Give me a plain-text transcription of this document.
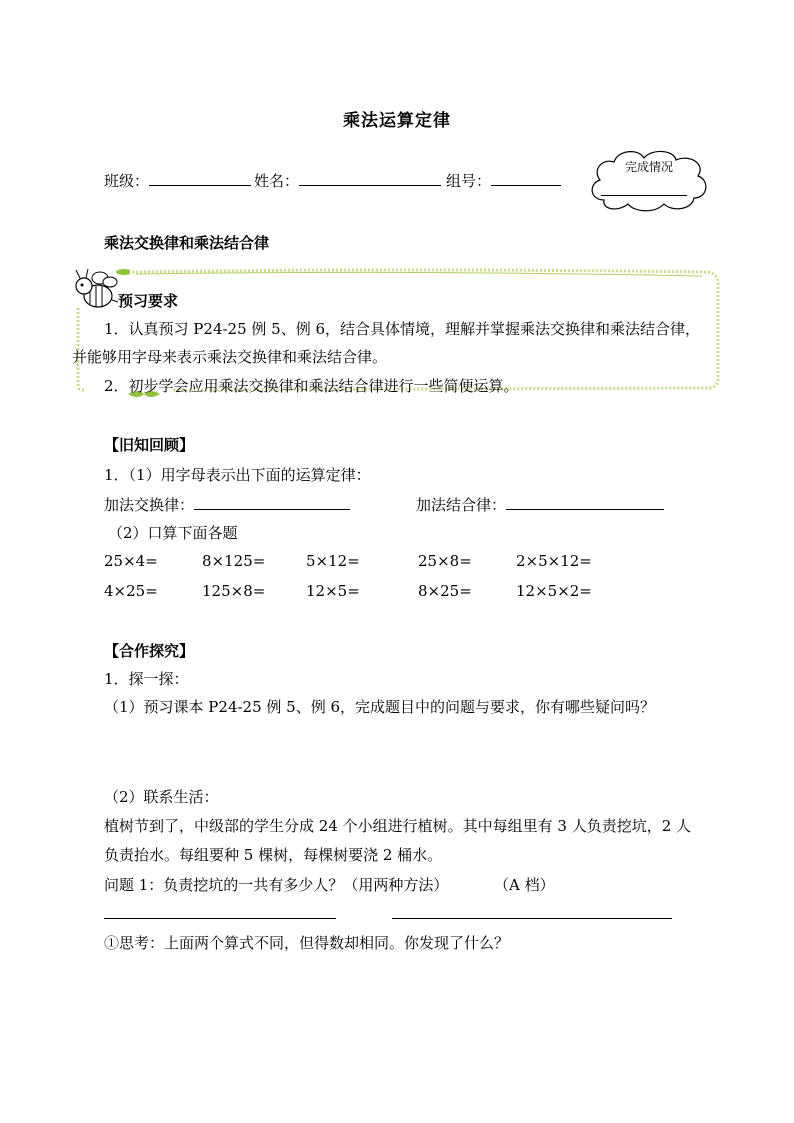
乘法运算定律
班级：	姓名：	组号：
完成情况
乘法交换律和乘法结合律
预习要求
1．认真预习 P24-25 例 5、例 6，结合具体情境，理解并掌握乘法交换律和乘法结合律，
并能够用字母来表示乘法交换律和乘法结合律。
2．初步学会应用乘法交换律和乘法结合律进行一些简便运算。
【旧知回顾】
1．（1）用字母表示出下面的运算定律：
加法交换律：	加法结合律：
（2）口算下面各题
25×4=	8×125=	5×12=	25×8=	2×5×12=
4×25=	125×8=	12×5=	8×25=	12×5×2=
【合作探究】
1．探一探：
（1）预习课本 P24-25 例 5、例 6，完成题目中的问题与要求，你有哪些疑问吗？
（2）联系生活：
植树节到了，中级部的学生分成 24 个小组进行植树。其中每组里有 3 人负责挖坑，2 人
负责抬水。每组要种 5 棵树，每棵树要浇 2 桶水。
问题 1：负责挖坑的一共有多少人？（用两种方法）	（A 档）
①思考：上面两个算式不同，但得数却相同。你发现了什么？
